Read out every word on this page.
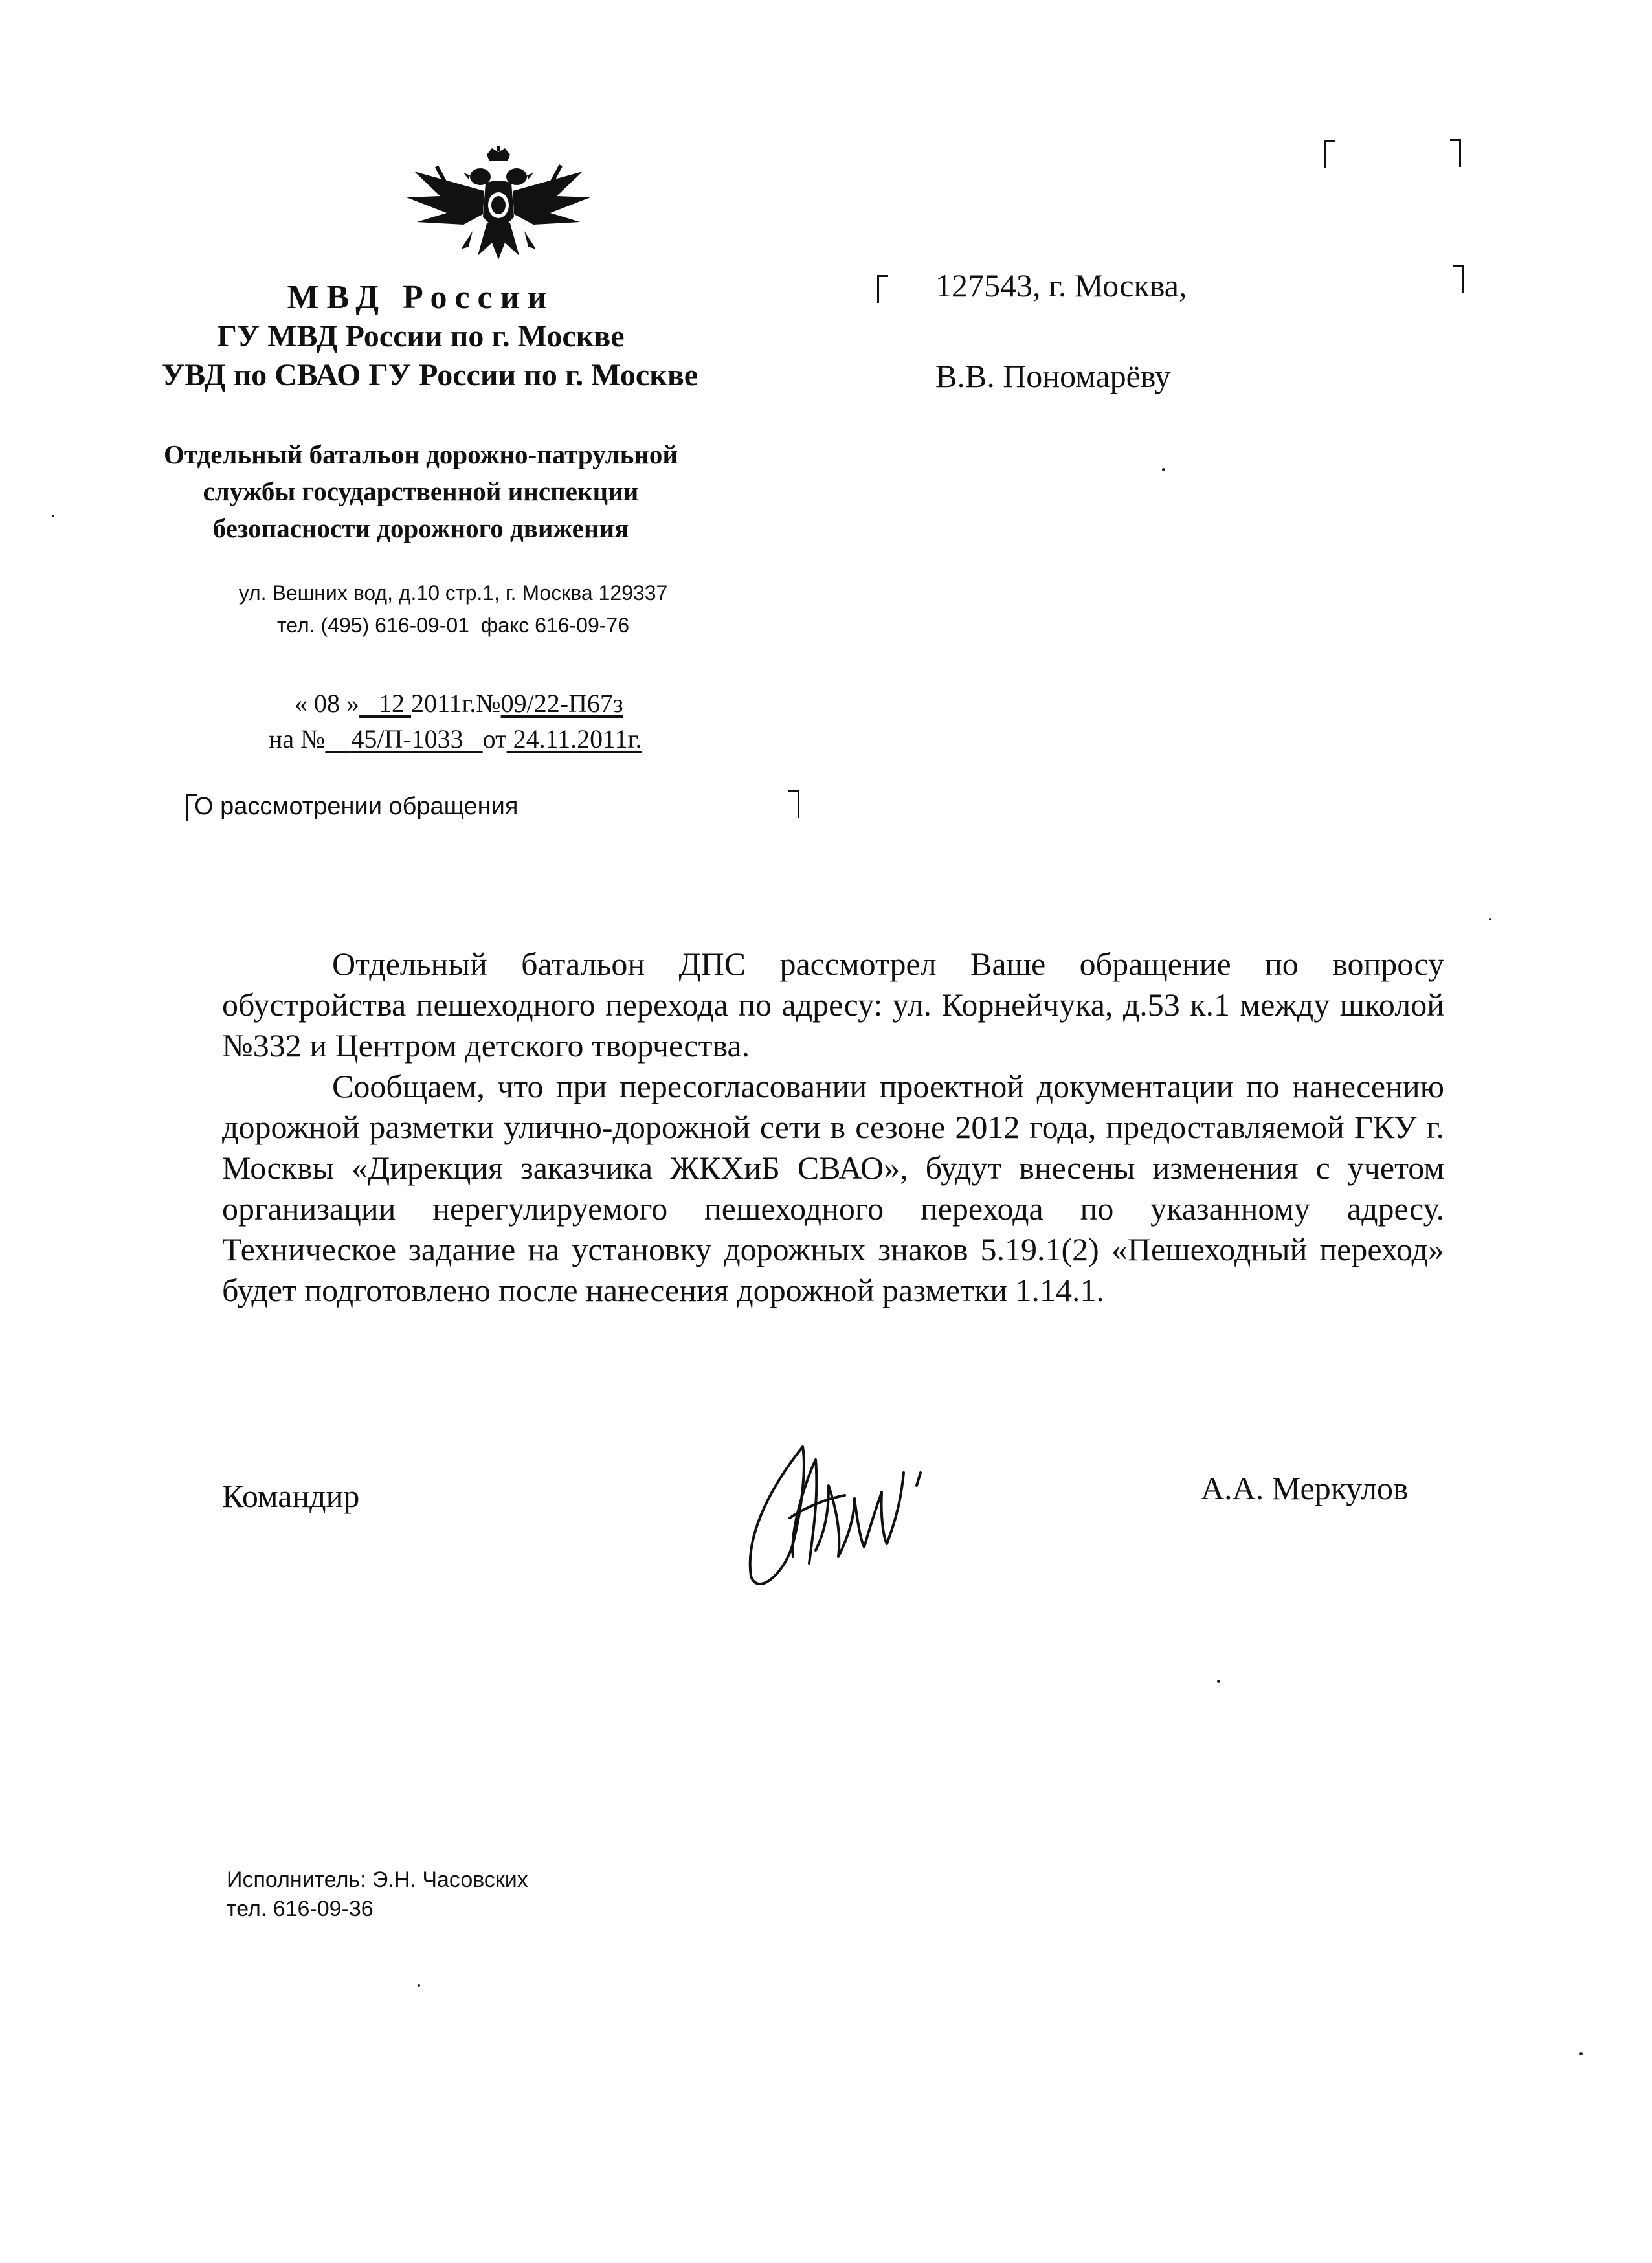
МВД России
ГУ МВД России по г. Москве
УВД по СВАО ГУ России по г. Москве
Отдельный батальон дорожно-патрульной
службы государственной инспекции
безопасности дорожного движения
ул. Вешних вод, д.10 стр.1, г. Москва 129337
тел. (495) 616-09-01 факс 616-09-76
« 08 » 12 2011г.№09/22-П67з
на № 45/П-1033 от 24.11.2011г.
О рассмотрении обращения
127543, г. Москва,
В.В. Пономарёву

Отдельный батальон ДПС рассмотрел Ваше обращение по вопросу обустройства пешеходного перехода по адресу: ул. Корнейчука, д.53 к.1 между школой №332 и Центром детского творчества.

Сообщаем, что при пересогласовании проектной документации по нанесению дорожной разметки улично-дорожной сети в сезоне 2012 года, предоставляемой ГКУ г. Москвы «Дирекция заказчика ЖКХиБ СВАО», будут внесены изменения с учетом организации нерегулируемого пешеходного перехода по указанному адресу. Техническое задание на установку дорожных знаков 5.19.1(2) «Пешеходный переход» будет подготовлено после нанесения дорожной разметки 1.14.1.

Командир	А.А. Меркулов
Исполнитель: Э.Н. Часовских
тел. 616-09-36
